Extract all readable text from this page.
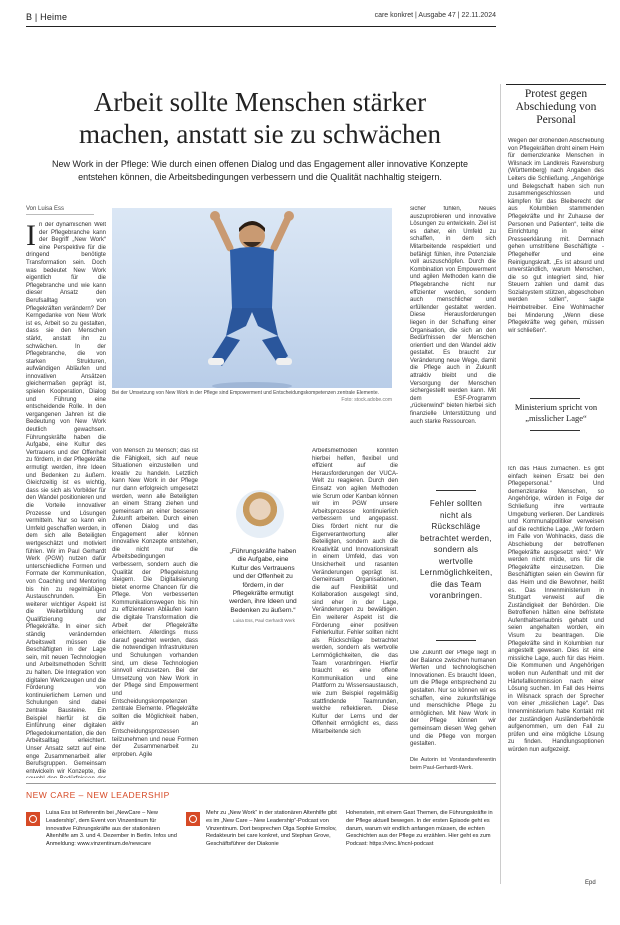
B | Heime	care konkret | Ausgabe 47 | 22.11.2024
Arbeit sollte Menschen stärker
machen, anstatt sie zu schwächen
New Work in der Pflege: Wie durch einen offenen Dialog und das Engagement aller innovative Konzepte entstehen können, die Arbeitsbedingungen verbessern und die Qualität nachhaltig steigern.
Von Luisa Ess
In der dynamischen Welt der Pflegebranche kann der Begriff „New Work“ eine Perspektive für die dringend benötigte Transformation sein. Doch was bedeutet New Work eigentlich für die Pflegebranche und wie kann dieser Ansatz den Berufsalltag von Pflegekräften verändern? Der Kerngedanke von New Work ist es, Arbeit so zu gestalten, dass sie den Menschen stärkt, anstatt ihn zu schwächen. In der Pflegebranche, die von starken Strukturen, aufwändigen Abläufen und innovativen Ansätzen gleichermaßen geprägt ist, spielen Kooperation, Dialog und Führung eine entscheidende Rolle. In den vergangenen Jahren ist die Bedeutung von New Work deutlich gewachsen. Führungskräfte haben die Aufgabe, eine Kultur des Vertrauens und der Offenheit zu fördern, in der Pflegekräfte ermutigt werden, ihre Ideen und Bedenken zu äußern. Gleichzeitig ist es wichtig, dass sie sich als Vorbilder für den Wandel positionieren und die Vorteile innovativer Prozesse und Lösungen vermitteln. Nur so kann ein Umfeld geschaffen werden, in dem sich alle Beteiligten wertgeschätzt und motiviert fühlen. Wir im Paul Gerhardt Werk (PGW) nutzen dafür unterschiedliche Formen und Formate der Kommunikation, von Coaching und Mentoring bis hin zu regelmäßigen Austauschrunden. Ein weiterer wichtiger Aspekt ist die Weiterbildung und Qualifizierung der Pflegekräfte. In einer sich ständig verändernden Arbeitswelt müssen die Beschäftigten in der Lage sein, mit neuen Technologien und Arbeitsmethoden Schritt zu halten. Die Integration von digitalen Werkzeugen und die Förderung von kontinuierlichem Lernen und Schulungen sind dabei zentrale Bausteine. Ein Beispiel hierfür ist die Einführung einer digitalen Pflegedokumentation, die den Arbeitsalltag erleichtert. Unser Ansatz setzt auf eine enge Zusammenarbeit aller Berufsgruppen. Gemeinsam entwickeln wir Konzepte, die
Bei der Umsetzung von New Work in der Pflege sind Empowerment und Entscheidungskompetenzen zentrale Elemente.
Foto: stock.adobe.com
von Mensch zu Mensch; das ist die Fähigkeit, sich auf neue Situationen einzustellen und kreativ zu handeln. Letztlich kann New Work in der Pflege nur dann erfolgreich umgesetzt werden, wenn alle Beteiligten an einem Strang ziehen und gemeinsam an einer besseren Zukunft arbeiten. Durch einen offenen Dialog und das Engagement aller können innovative Konzepte entstehen, die nicht nur die Arbeitsbedingungen verbessern, sondern auch die Qualität der Pflegeleistung steigern. Die Digitalisierung bietet enorme Chancen für die Pflege. Von verbesserten Kommunikationswegen bis hin zu effizienteren Abläufen kann die digitale Transformation die Arbeit der Pflegekräfte erleichtern. Allerdings muss darauf geachtet werden, dass die notwendigen Infrastrukturen und Schulungen vorhanden sind, um diese Technologien sinnvoll einzusetzen. Bei der Umsetzung von New Work in der Pflege sind Empowerment und Entscheidungskompetenzen zentrale Elemente. Pflegekräfte sollten die Möglichkeit haben, aktiv an Entscheidungsprozessen teilzunehmen und neue Formen der Zusammenarbeit zu erproben. Agile
„Führungskräfte haben die Aufgabe, eine Kultur des Vertrauens und der Offenheit zu fördern, in der Pflegekräfte ermutigt werden, ihre Ideen und Bedenken zu äußern.“
Luisa Ess, Paul Gerhardt Werk
Arbeitsmethoden könnten hierbei helfen, flexibel und effizient auf die Herausforderungen der VUCA-Welt zu reagieren. Durch den Einsatz von agilen Methoden wie Scrum oder Kanban können wir im PGW unsere Arbeitsprozesse kontinuierlich verbessern und angepasst. Dies fördert nicht nur die Eigenverantwortung aller Beteiligten, sondern auch die Kreativität und Innovationskraft in einem Umfeld, das von Unsicherheit und rasanten Veränderungen geprägt ist. Gemeinsam Organisationen, die auf Flexibilität und Kollaboration ausgelegt sind, sind eher in der Lage, Veränderungen zu bewältigen. Ein weiterer Aspekt ist die Förderung einer positiven Fehlerkultur. Fehler sollten nicht als Rückschläge betrachtet werden, sondern als wertvolle Lernmöglichkeiten, die das Team voranbringen. Hierfür braucht es eine offene Kommunikation und eine Plattform zu Wissensaustausch, wie zum Beispiel regelmäßig stattfindende Teamrunden, welche reflektieren. Diese Kultur der Lerns und der Offenheit ermöglicht es, dass Mitarbeitende sich
sicher fühlen, Neues auszuprobieren und innovative Lösungen zu entwickeln. Ziel ist es daher, ein Umfeld zu schaffen, in dem sich Mitarbeitende respektiert und befähigt fühlen, ihre Potenziale voll auszuschöpfen. Durch die Kombination von Empowerment und agilen Methoden kann die Pflegebranche nicht nur effizienter werden, sondern auch menschlicher und erfüllender gestaltet werden. Diese Herausforderungen liegen in der Schaffung einer Organisation, die sich an den Bedürfnissen der Menschen orientiert und den Wandel aktiv gestaltet. Es braucht zur Veränderung neue Wege, damit die Pflege auch in Zukunft attraktiv bleibt und die Versorgung der Menschen sichergestellt werden kann. Mit dem ESF-Programm „rückenwind“ bieten hierbei sich finanzielle Unterstützung und auch starke Ressourcen.
Fehler sollten nicht als Rückschläge betrachtet werden, sondern als wertvolle Lernmöglichkeiten, die das Team voranbringen.
Die Zukunft der Pflege liegt in der Balance zwischen humanen Werten und technologischen Innovationen. Es braucht Ideen, um die Pflege entsprechend zu gestalten. Nur so können wir es schaffen, eine zukunftsfähige und menschliche Pflege zu ermöglichen. Mit New Work in der Pflege können wir gemeinsam diesen Weg gehen und die Pflege von morgen gestalten.
Die Autorin ist Vorstandsreferentin beim Paul-Gerhardt-Werk.
Protest gegen Abschiedung von Personal
Wegen der drohenden Abschiebung von Pflegekräften droht einem Heim für demenzkranke Menschen in Wilsnack im Landkreis Ravensburg (Württemberg) nach Angaben des Leiters die Schließung. „Angehörige und Belegschaft haben sich nun zusammengeschlossen und kämpfen für das Bleiberecht der aus Kolumbien stammenden Pflegekräfte und ihr Zuhause der Personen und Patienten“, teilte die Einrichtung in einer Presseerklärung mit. Demnach gehen umstrittene Beschäftigte - Pflegehelfer und eine Reinigungskraft. „Es ist absurd und unverständlich, warum Menschen, die so gut integriert sind, hier Steuern zahlen und damit das Sozialsystem stützen, abgeschoben werden sollen“, sagte Heimbetreiber. Eine Wohlmacher bei Minderung „Wenn diese Pflegekräfte weg gehen, müssen wir schließen“.
Ministerium spricht von „misslicher Lage“
Ich das Haus zumachen. Es gibt einfach keinen Ersatz bei den Pflegepersonal.“ Und demenzkranke Menschen, so Angehörige, würden in Folge der Schließung ihre vertraute Umgebung verlieren. Der Landkreis und Kommunalpolitiker verweisen auf die rechtliche Lage. „Wir fordern im Falle von Wohlnacks, dass die Abschiebung der betroffenen Pflegekräfte ausgesetzt wird.“ Wir werden nicht müde, uns für die Pflegekräfte einzusetzen. Die Beschäftigten seien ein Gewinn für das Heim und die Bewohner, heißt es. Das Innenministerium in Stuttgart verweist auf die Zuständigkeit der Behörden. Die Betroffenen hätten eine befristete Aufenthaltserlaubnis gehabt und seien angehalten worden, ein Visum zu beantragen. Die Pflegekräfte sind in Kolumbien nur angestellt gewesen. Dies ist eine missliche Lage, auch für das Heim. Die Kommunen und Angehörigen wollen nun Aufenthalt und mit der Härtefallkommission nach einer Lösung suchen. Im Fall des Heims in Wilsnack sprach der Sprecher von einer „misslichen Lage“. Das Innenministerium habe Kontakt mit der zuständigen Ausländerbehörde aufgenommen, um den Fall zu prüfen und eine mögliche Lösung zu finden. Handlungsoptionen würden nun aufgezeigt.
Epd
NEW CARE – NEW LEADERSHIP
Luisa Ess ist Referentin bei „NewCare – New Leadership“, dem Event von Vinzentinum für innovative Führungskräfte aus der stationären Altenhilfe am 3. und 4. Dezember in Berlin. Infos und Anmeldung: www.vinzentinum.de/newcare
Mehr zu „New Work“ in der stationären Altenhilfe gibt es im „New Care – New Leadership“-Podcast von Vinzentinum. Dort besprechen Olga Sophie Ermolov, Redakteurin bei care konkret, und Stephan Grove, Geschäftsführer der Diakonie
Hohenstein, mit einem Gast Themen, die Führungskräfte in der Pflege aktuell bewegen. In der ersten Episode geht es darum, warum wir endlich anfangen müssen, die echten Geschichten aus der Pflege zu erzählen. Hier geht es zum Podcast: https://vinc.li/ncnl-podcast
